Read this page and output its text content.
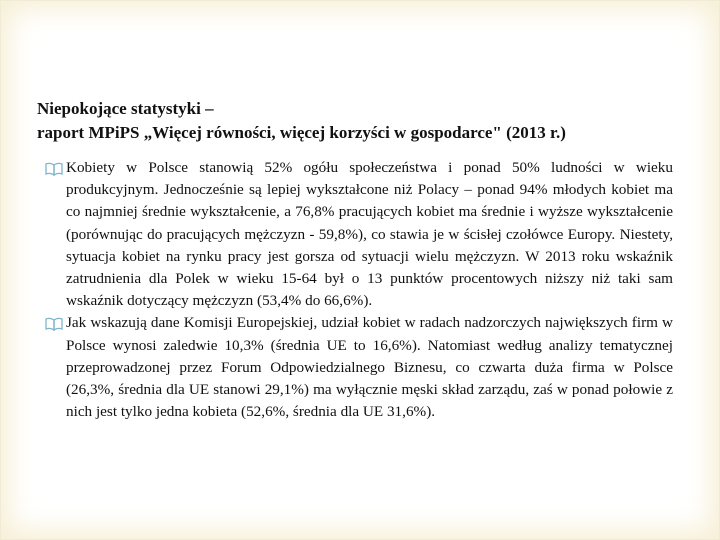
Niepokojące statystyki –
raport MPiPS „Więcej równości, więcej korzyści w gospodarce" (2013 r.)
Kobiety w Polsce stanowią 52% ogółu społeczeństwa i ponad 50% ludności w wieku produkcyjnym. Jednocześnie są lepiej wykształcone niż Polacy – ponad 94% młodych kobiet ma co najmniej średnie wykształcenie, a 76,8% pracujących kobiet ma średnie i wyższe wykształcenie (porównując do pracujących mężczyzn - 59,8%), co stawia je w ścisłej czołówce Europy. Niestety, sytuacja kobiet na rynku pracy jest gorsza od sytuacji wielu mężczyzn. W 2013 roku wskaźnik zatrudnienia dla Polek w wieku 15-64 był o 13 punktów procentowych niższy niż taki sam wskaźnik dotyczący mężczyzn (53,4% do 66,6%).
Jak wskazują dane Komisji Europejskiej, udział kobiet w radach nadzorczych największych firm w Polsce wynosi zaledwie 10,3% (średnia UE to 16,6%). Natomiast według analizy tematycznej przeprowadzonej przez Forum Odpowiedzialnego Biznesu, co czwarta duża firma w Polsce (26,3%, średnia dla UE stanowi 29,1%) ma wyłącznie męski skład zarządu, zaś w ponad połowie z nich jest tylko jedna kobieta (52,6%, średnia dla UE 31,6%).
